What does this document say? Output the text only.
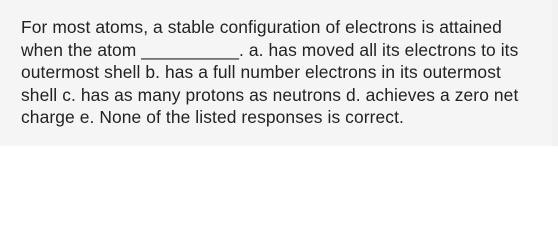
For most atoms, a stable configuration of electrons is attained
when the atom __________. a. has moved all its electrons to its
outermost shell b. has a full number electrons in its outermost
shell c. has as many protons as neutrons d. achieves a zero net
charge e. None of the listed responses is correct.
